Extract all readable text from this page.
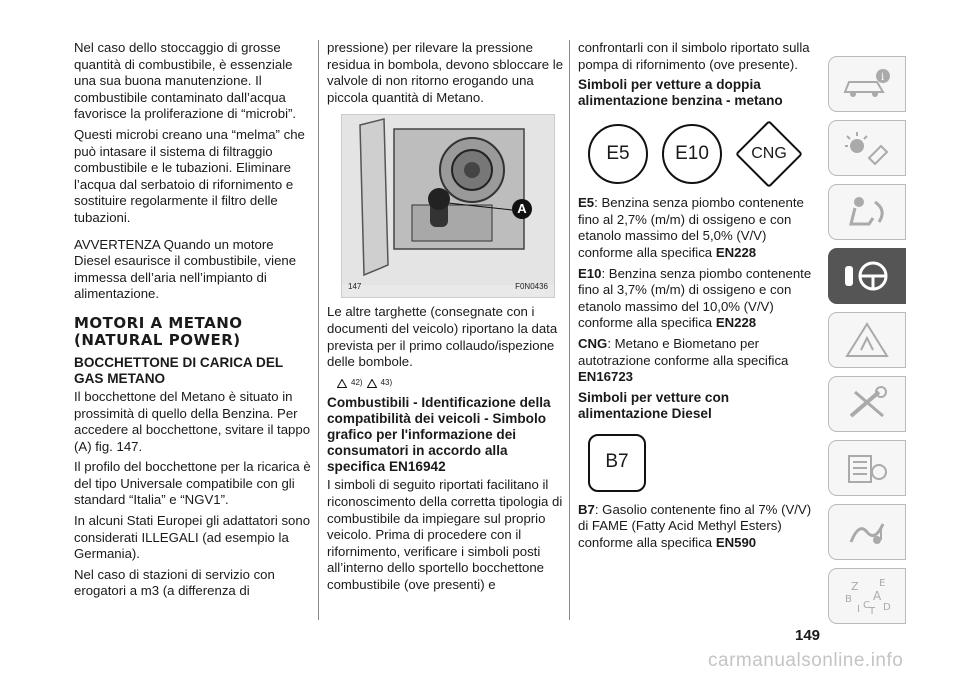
Nel caso dello stoccaggio di grosse quantità di combustibile, è essenziale una sua buona manutenzione. Il combustibile contaminato dall’acqua favorisce la proliferazione di “microbi”.

Questi microbi creano una “melma” che può intasare il sistema di filtraggio combustibile e le tubazioni. Eliminare l’acqua dal serbatoio di rifornimento e sostituire regolarmente il filtro delle tubazioni.

AVVERTENZA Quando un motore Diesel esaurisce il combustibile, viene immessa dell’aria nell’impianto di alimentazione.

MOTORI A METANO (NATURAL POWER)
BOCCHETTONE DI CARICA DEL GAS METANO

Il bocchettone del Metano è situato in prossimità di quello della Benzina. Per accedere al bocchettone, svitare il tappo (A) fig. 147.

Il profilo del bocchettone per la ricarica è del tipo Universale compatibile con gli standard “Italia” e “NGV1”.

In alcuni Stati Europei gli adattatori sono considerati ILLEGALI (ad esempio la Germania).

Nel caso di stazioni di servizio con erogatori a m3 (a differenza di

pressione) per rilevare la pressione residua in bombola, devono sbloccare le valvole di non ritorno erogando una piccola quantità di Metano.

A
147	F0N0436

Le altre targhette (consegnate con i documenti del veicolo) riportano la data prevista per il primo collaudo/ispezione delle bombole.

42) 43)
Combustibili - Identificazione della compatibilità dei veicoli - Simbolo grafico per l'informazione dei consumatori in accordo alla specifica EN16942

I simboli di seguito riportati facilitano il riconoscimento della corretta tipologia di combustibile da impiegare sul proprio veicolo. Prima di procedere con il rifornimento, verificare i simboli posti all’interno dello sportello bocchettone combustibile (ove presenti) e

confrontarli con il simbolo riportato sulla pompa di rifornimento (ove presente).

Simboli per vetture a doppia alimentazione benzina - metano
E5	E10	CNG

E5: Benzina senza piombo contenente fino al 2,7% (m/m) di ossigeno e con etanolo massimo del 5,0% (V/V) conforme alla specifica EN228

E10: Benzina senza piombo contenente fino al 3,7% (m/m) di ossigeno e con etanolo massimo del 10,0% (V/V) conforme alla specifica EN228

CNG: Metano e Biometano per autotrazione conforme alla specifica EN16723

Simboli per vetture con alimentazione Diesel
B7

B7: Gasolio contenente fino al 7% (V/V) di FAME (Fatty Acid Methyl Esters) conforme alla specifica EN590

i
Z E
B A
I C
T D
149
carmanualsonline.info
